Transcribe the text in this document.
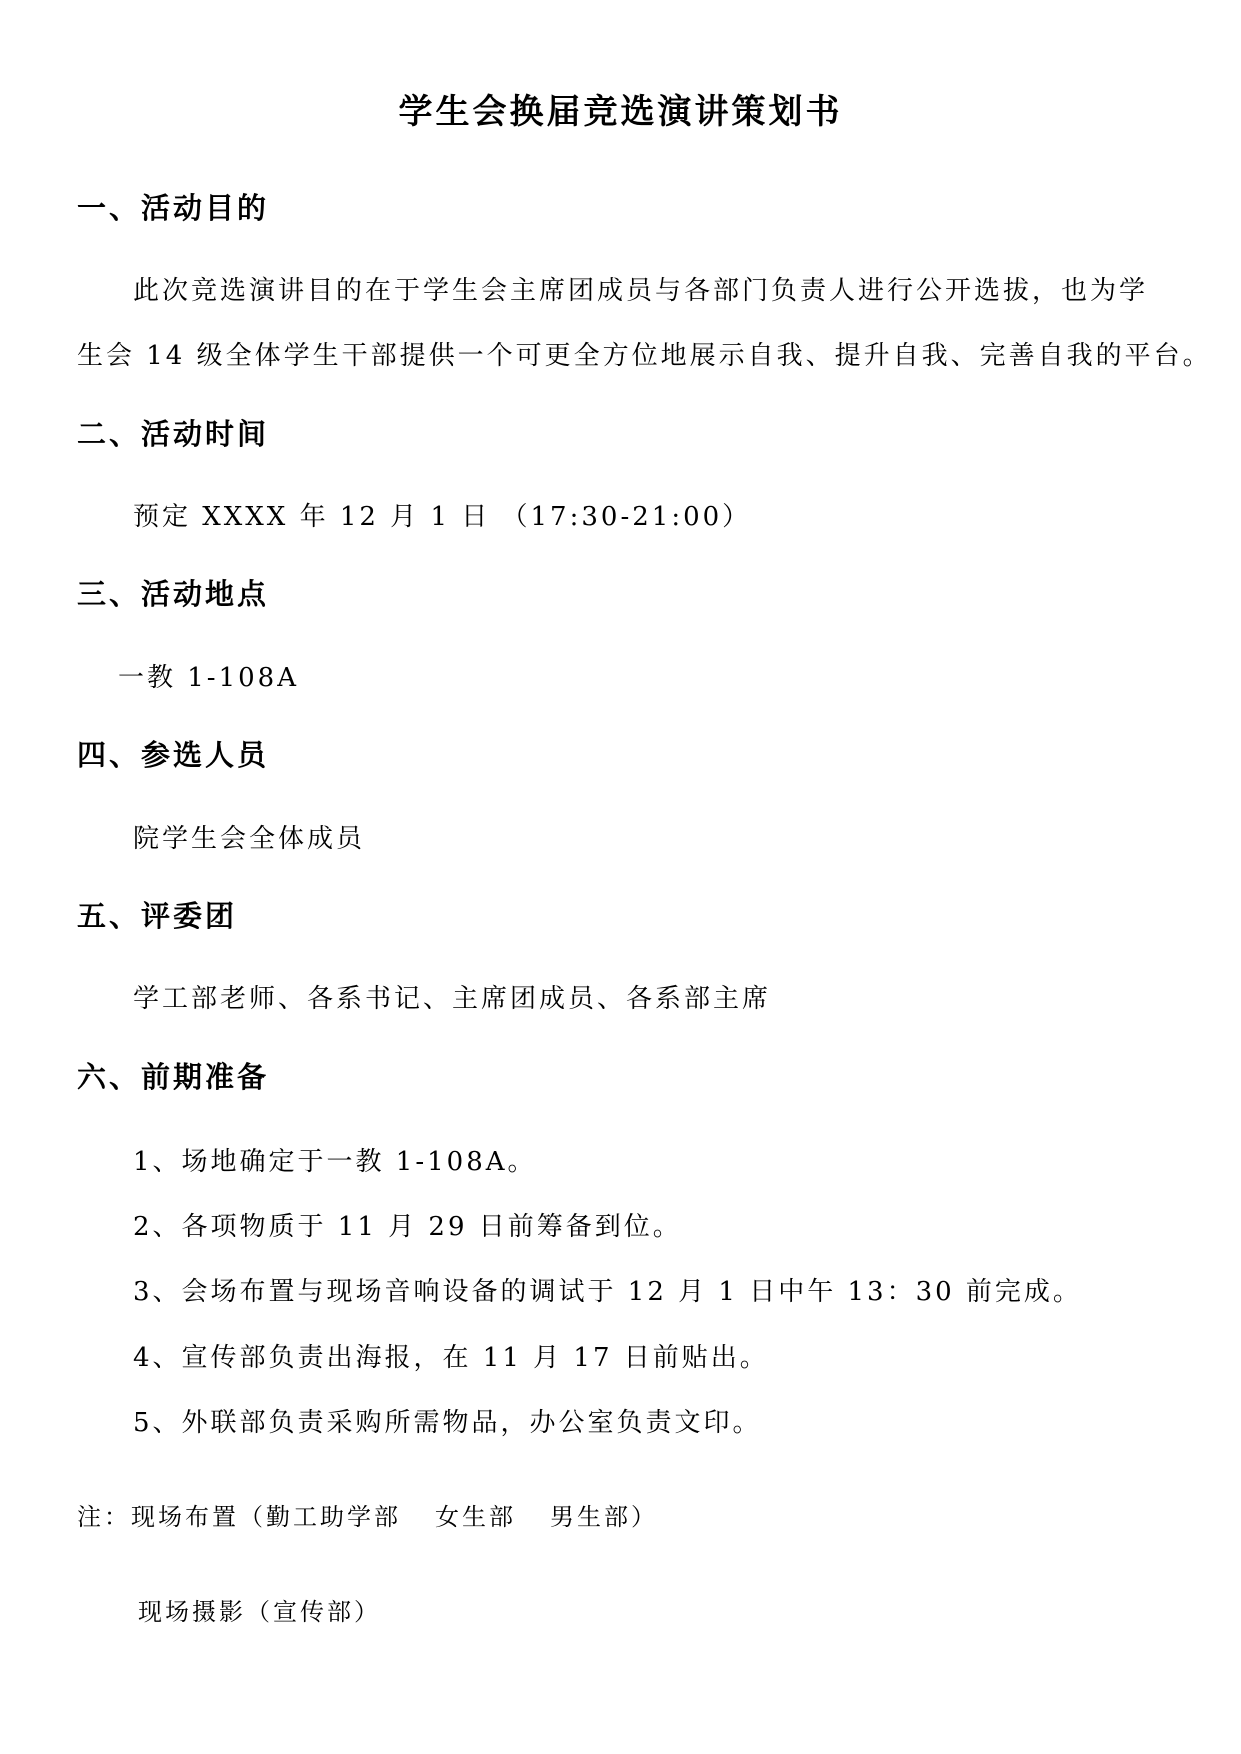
学生会换届竞选演讲策划书
一、活动目的
此次竞选演讲目的在于学生会主席团成员与各部门负责人进行公开选拔，也为学
生会 14 级全体学生干部提供一个可更全方位地展示自我、提升自我、完善自我的平台。
二、活动时间
预定 XXXX 年 12 月 1 日 （17:30-21:00）
三、活动地点
一教 1-108A
四、参选人员
院学生会全体成员
五、评委团
学工部老师、各系书记、主席团成员、各系部主席
六、前期准备
1、场地确定于一教 1-108A。
2、各项物质于 11 月 29 日前筹备到位。
3、会场布置与现场音响设备的调试于 12 月 1 日中午 13：30 前完成。
4、宣传部负责出海报，在 11 月 17 日前贴出。
5、外联部负责采购所需物品，办公室负责文印。
注：现场布置（勤工助学部 女生部 男生部）
现场摄影（宣传部）
